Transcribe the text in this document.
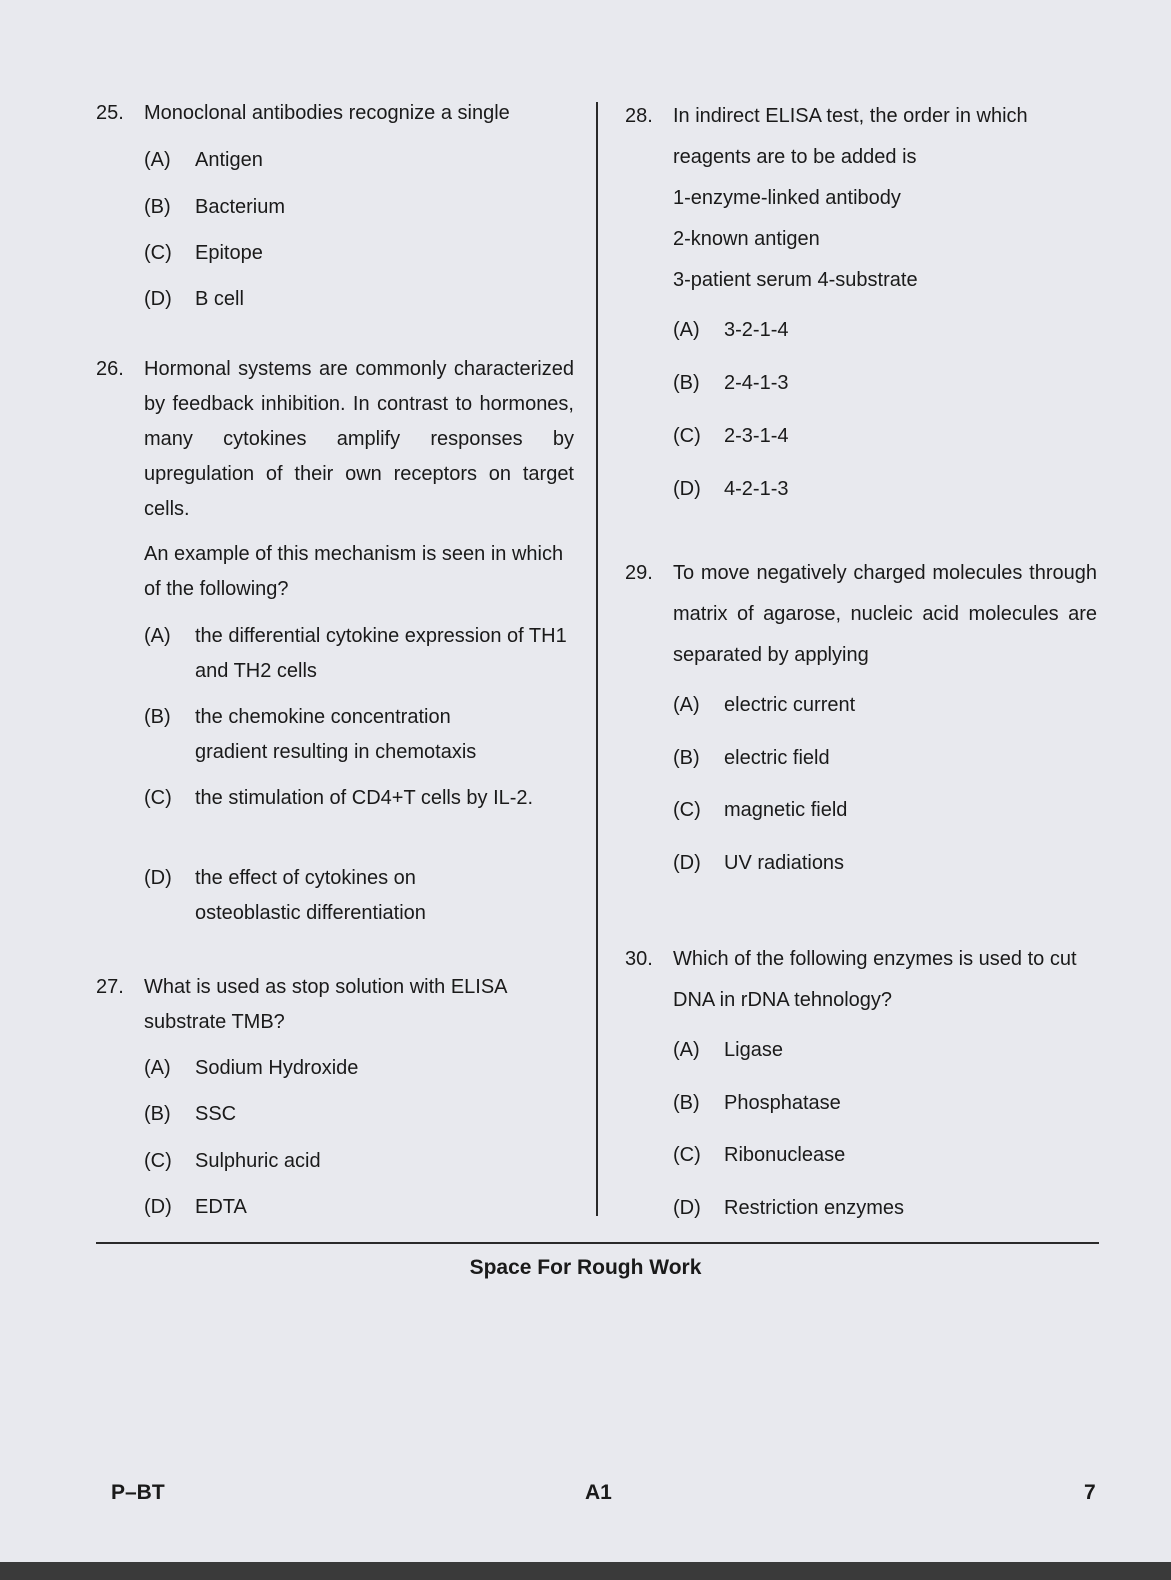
25. Monoclonal antibodies recognize a single
(A) Antigen
(B) Bacterium
(C) Epitope
(D) B cell
26. Hormonal systems are commonly characterized by feedback inhibition. In contrast to hormones, many cytokines amplify responses by upregulation of their own receptors on target cells.
An example of this mechanism is seen in which of the following?
(A) the differential cytokine expression of TH1 and TH2 cells
(B) the chemokine concentration gradient resulting in chemotaxis
(C) the stimulation of CD4+T cells by IL-2.
(D) the effect of cytokines on osteoblastic differentiation
27. What is used as stop solution with ELISA substrate TMB?
(A) Sodium Hydroxide
(B) SSC
(C) Sulphuric acid
(D) EDTA
28. In indirect ELISA test, the order in which
reagents are to be added is
1-enzyme-linked antibody
2-known antigen
3-patient serum 4-substrate
(A) 3-2-1-4
(B) 2-4-1-3
(C) 2-3-1-4
(D) 4-2-1-3
29. To move negatively charged molecules through matrix of agarose, nucleic acid molecules are separated by applying
(A) electric current
(B) electric field
(C) magnetic field
(D) UV radiations
30. Which of the following enzymes is used to cut DNA in rDNA tehnology?
(A) Ligase
(B) Phosphatase
(C) Ribonuclease
(D) Restriction enzymes
Space For Rough Work
P–BT	A1	7
